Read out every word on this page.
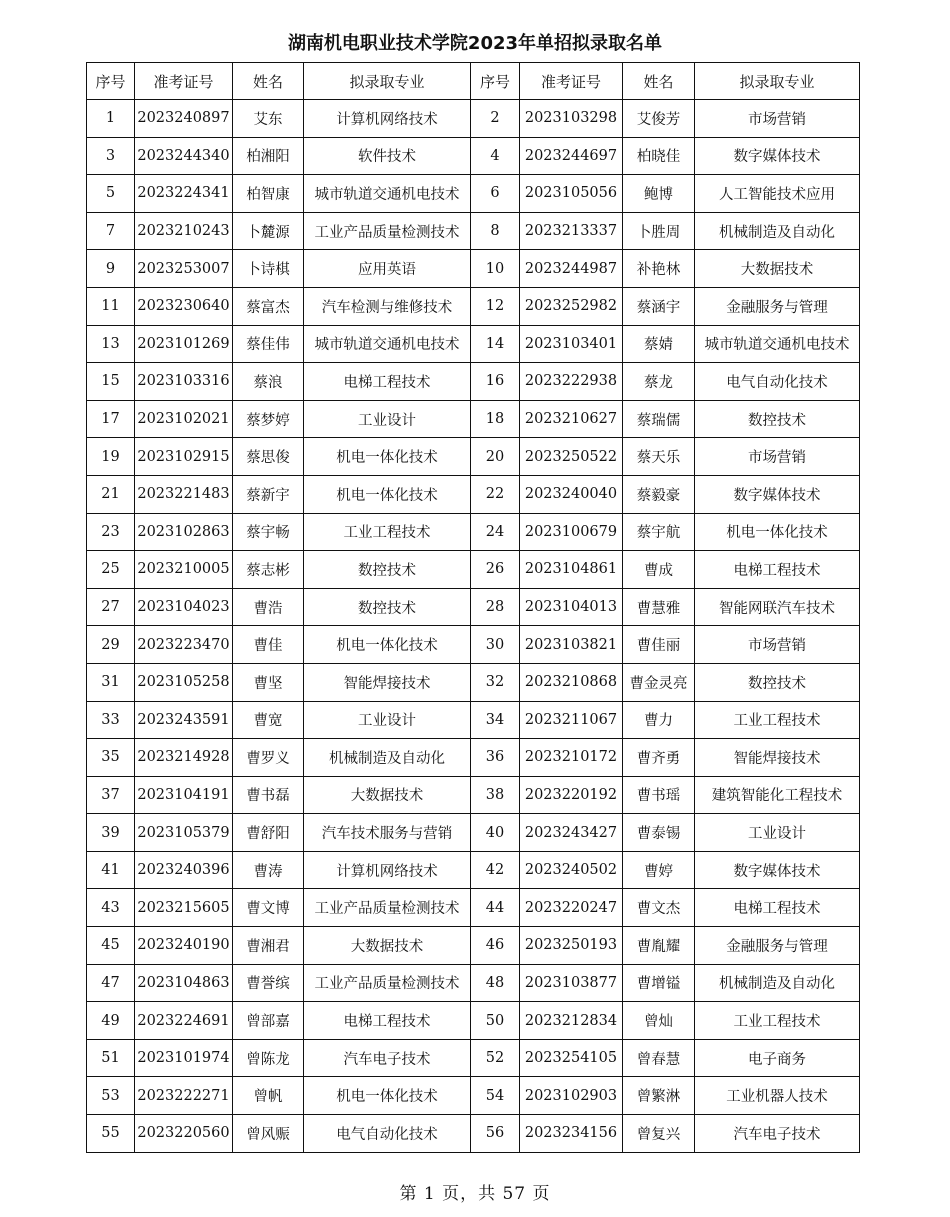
湖南机电职业技术学院2023年单招拟录取名单
序号	准考证号	姓名	拟录取专业	序号	准考证号	姓名	拟录取专业
1	2023240897	艾东	计算机网络技术	2	2023103298	艾俊芳	市场营销
3	2023244340	柏湘阳	软件技术	4	2023244697	柏晓佳	数字媒体技术
5	2023224341	柏智康	城市轨道交通机电技术	6	2023105056	鲍博	人工智能技术应用
7	2023210243	卜麓源	工业产品质量检测技术	8	2023213337	卜胜周	机械制造及自动化
9	2023253007	卜诗棋	应用英语	10	2023244987	补艳林	大数据技术
11	2023230640	蔡富杰	汽车检测与维修技术	12	2023252982	蔡涵宇	金融服务与管理
13	2023101269	蔡佳伟	城市轨道交通机电技术	14	2023103401	蔡婧	城市轨道交通机电技术
15	2023103316	蔡浪	电梯工程技术	16	2023222938	蔡龙	电气自动化技术
17	2023102021	蔡梦婷	工业设计	18	2023210627	蔡瑞儒	数控技术
19	2023102915	蔡思俊	机电一体化技术	20	2023250522	蔡天乐	市场营销
21	2023221483	蔡新宇	机电一体化技术	22	2023240040	蔡毅豪	数字媒体技术
23	2023102863	蔡宇畅	工业工程技术	24	2023100679	蔡宇航	机电一体化技术
25	2023210005	蔡志彬	数控技术	26	2023104861	曹成	电梯工程技术
27	2023104023	曹浩	数控技术	28	2023104013	曹慧雅	智能网联汽车技术
29	2023223470	曹佳	机电一体化技术	30	2023103821	曹佳丽	市场营销
31	2023105258	曹坚	智能焊接技术	32	2023210868	曹金灵亮	数控技术
33	2023243591	曹宽	工业设计	34	2023211067	曹力	工业工程技术
35	2023214928	曹罗义	机械制造及自动化	36	2023210172	曹齐勇	智能焊接技术
37	2023104191	曹书磊	大数据技术	38	2023220192	曹书瑶	建筑智能化工程技术
39	2023105379	曹舒阳	汽车技术服务与营销	40	2023243427	曹泰锡	工业设计
41	2023240396	曹涛	计算机网络技术	42	2023240502	曹婷	数字媒体技术
43	2023215605	曹文博	工业产品质量检测技术	44	2023220247	曹文杰	电梯工程技术
45	2023240190	曹湘君	大数据技术	46	2023250193	曹胤耀	金融服务与管理
47	2023104863	曹誉缤	工业产品质量检测技术	48	2023103877	曹增镒	机械制造及自动化
49	2023224691	曾部嘉	电梯工程技术	50	2023212834	曾灿	工业工程技术
51	2023101974	曾陈龙	汽车电子技术	52	2023254105	曾春慧	电子商务
53	2023222271	曾帆	机电一体化技术	54	2023102903	曾繁淋	工业机器人技术
55	2023220560	曾风赈	电气自动化技术	56	2023234156	曾复兴	汽车电子技术
第 1 页，共 57 页
